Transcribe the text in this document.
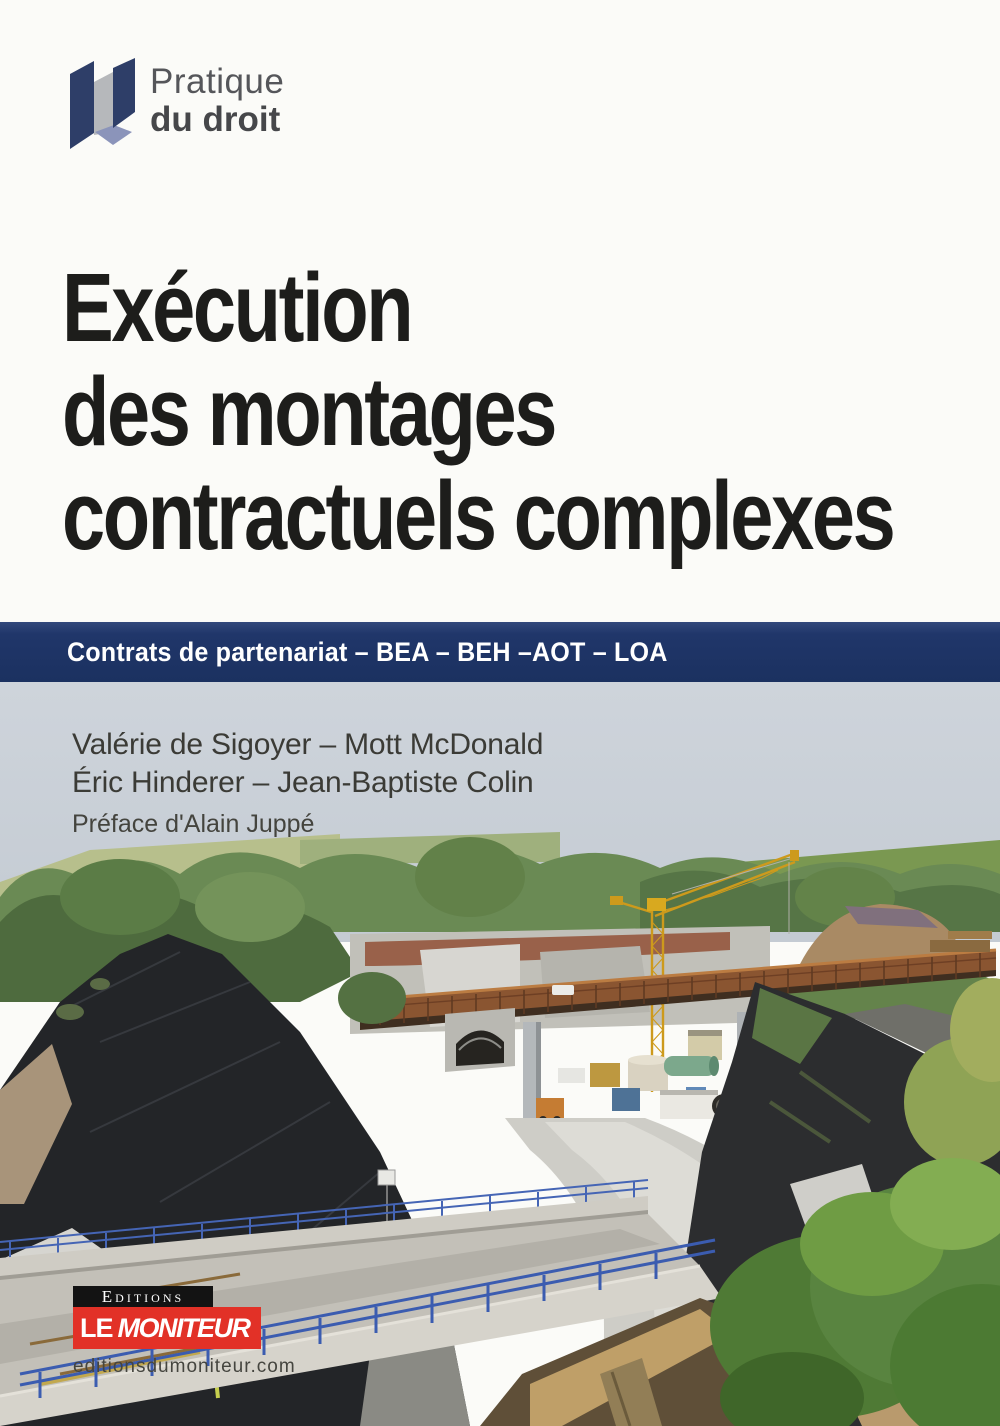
Pratique
du droit
Exécution
des montages
contractuels complexes
Contrats de partenariat – BEA – BEH –AOT – LOA
Valérie de Sigoyer – Mott McDonald
Éric Hinderer – Jean-Baptiste Colin
Préface d'Alain Juppé
Editions
LE MONITEUR
editionsdumoniteur.com
